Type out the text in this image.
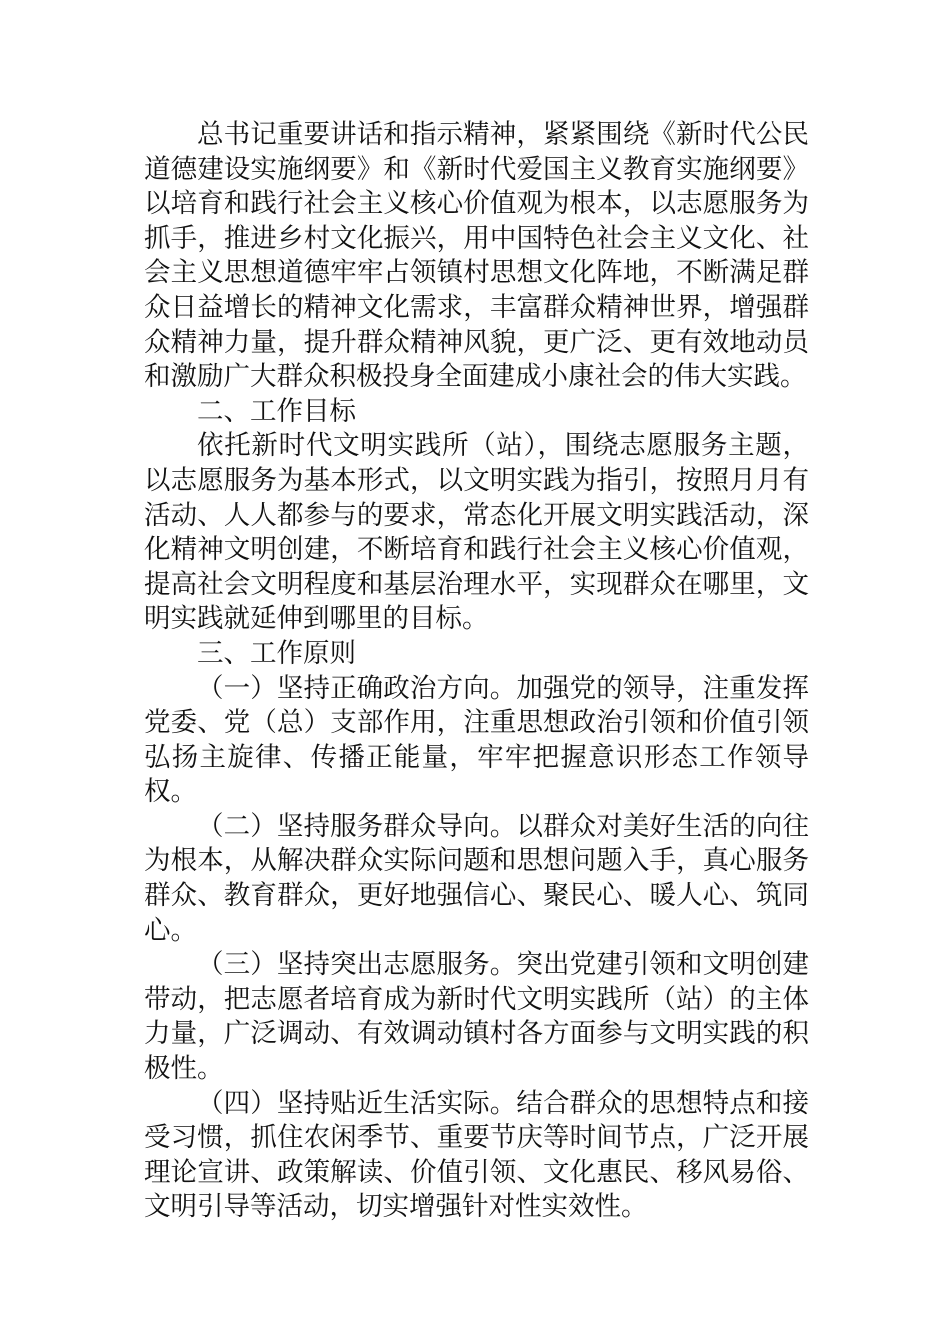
总书记重要讲话和指示精神，紧紧围绕《新时代公民道德建设实施纲要》和《新时代爱国主义教育实施纲要》以培育和践行社会主义核心价值观为根本，以志愿服务为抓手，推进乡村文化振兴，用中国特色社会主义文化、社会主义思想道德牢牢占领镇村思想文化阵地，不断满足群众日益增长的精神文化需求，丰富群众精神世界，增强群众精神力量，提升群众精神风貌，更广泛、更有效地动员和激励广大群众积极投身全面建成小康社会的伟大实践。

二、工作目标

依托新时代文明实践所（站），围绕志愿服务主题，以志愿服务为基本形式，以文明实践为指引，按照月月有活动、人人都参与的要求，常态化开展文明实践活动，深化精神文明创建，不断培育和践行社会主义核心价值观，提高社会文明程度和基层治理水平，实现群众在哪里，文明实践就延伸到哪里的目标。

三、工作原则

（一）坚持正确政治方向。加强党的领导，注重发挥党委、党（总）支部作用，注重思想政治引领和价值引领弘扬主旋律、传播正能量，牢牢把握意识形态工作领导权。

（二）坚持服务群众导向。以群众对美好生活的向往为根本，从解决群众实际问题和思想问题入手，真心服务群众、教育群众，更好地强信心、聚民心、暖人心、筑同心。

（三）坚持突出志愿服务。突出党建引领和文明创建带动，把志愿者培育成为新时代文明实践所（站）的主体力量，广泛调动、有效调动镇村各方面参与文明实践的积极性。

（四）坚持贴近生活实际。结合群众的思想特点和接受习惯，抓住农闲季节、重要节庆等时间节点，广泛开展理论宣讲、政策解读、价值引领、文化惠民、移风易俗、文明引导等活动，切实增强针对性实效性。
